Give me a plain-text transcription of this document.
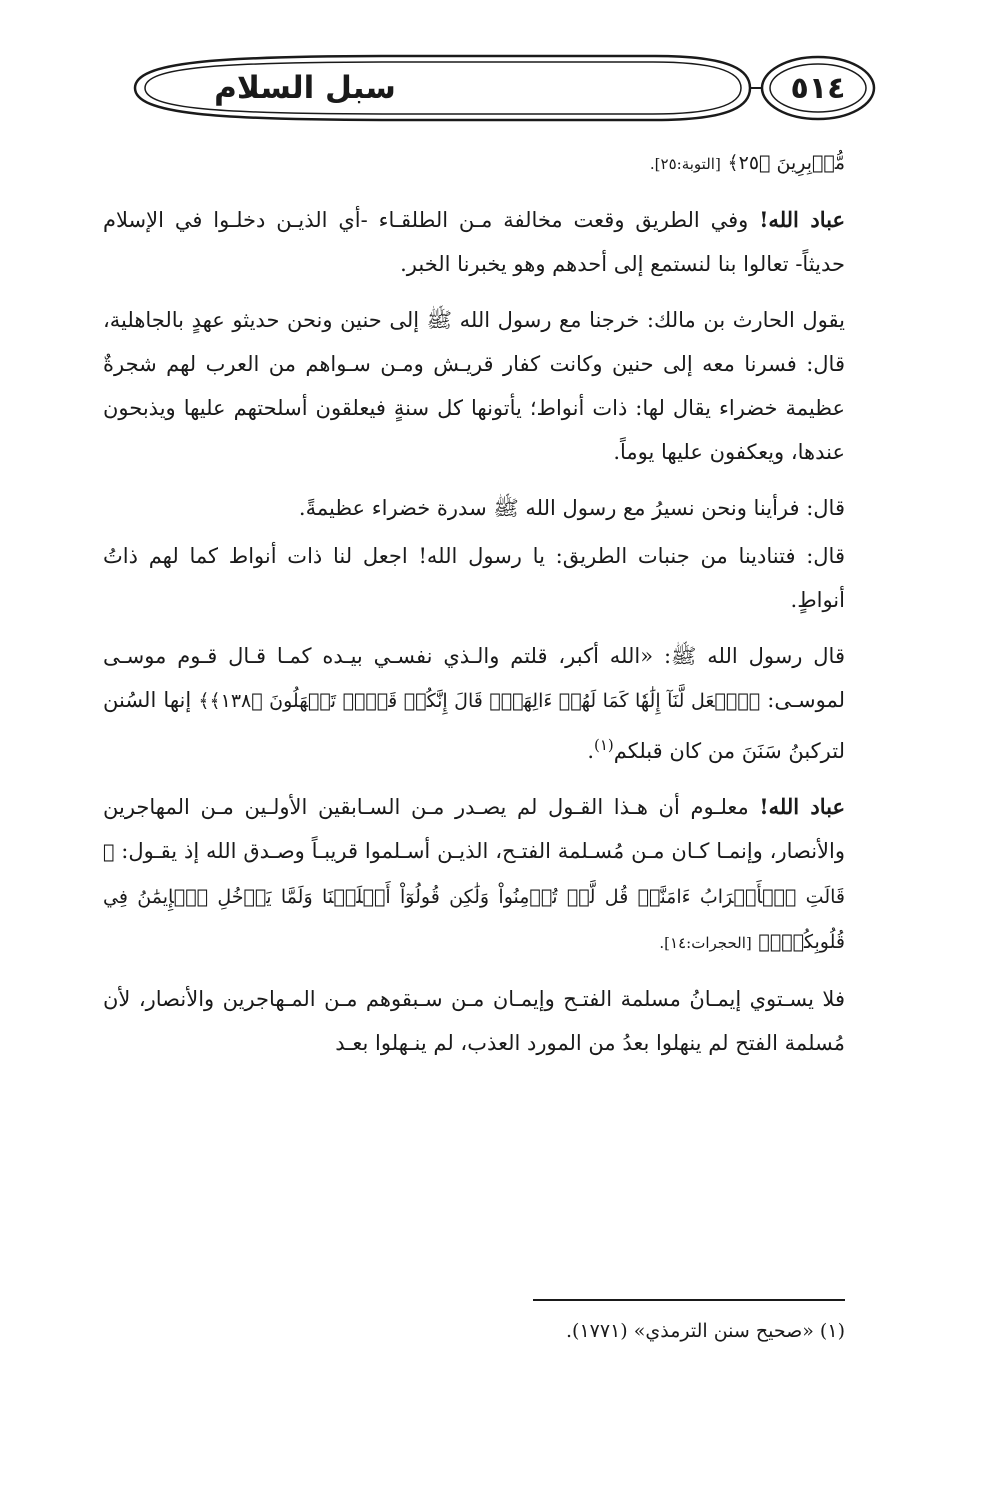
سبل السلام	٥١٤

مُّدۡبِرِينَ ﴿٢٥﴾ [التوبة:٢٥].

عباد الله! وفي الطريق وقعت مخالفة مـن الطلقـاء -أي الذيـن دخلـوا في الإسلام حديثاً- تعالوا بنا لنستمع إلى أحدهم وهو يخبرنا الخبر.

يقول الحارث بن مالك: خرجنا مع رسول الله ﷺ إلى حنين ونحن حديثو عهدٍ بالجاهلية، قال: فسرنا معه إلى حنين وكانت كفار قريـش ومـن سـواهم من العرب لهم شجرةٌ عظيمة خضراء يقال لها: ذات أنواط؛ يأتونها كل سنةٍ فيعلقون أسلحتهم عليها ويذبحون عندها، ويعكفون عليها يوماً.

قال: فرأينا ونحن نسيرُ مع رسول الله ﷺ سدرة خضراء عظيمةً.

قال: فتنادينا من جنبات الطريق: يا رسول الله! اجعل لنا ذات أنواط كما لهم ذاتُ أنواطٍ.

قال رسول الله ﷺ: «الله أكبر، قلتم والـذي نفسـي بيـده كمـا قـال قـوم موسـى لموسـى: ﴿ٱجۡعَل لَّنَآ إِلَٰهٗا كَمَا لَهُمۡ ءَالِهَةٞۚ قَالَ إِنَّكُمۡ قَوۡمٞ تَجۡهَلُونَ ﴿١٣٨﴾﴾ إنها السُنن لتركبنُ سَنَنَ من كان قبلكم$^{(١)}$.

عباد الله! معلـوم أن هـذا القـول لم يصـدر مـن السـابقين الأولـين مـن المهاجرين والأنصار، وإنمـا كـان مـن مُسـلمة الفتـح، الذيـن أسـلموا قريبـاً وصـدق الله إذ يقـول: ﴿ قَالَتِ ٱلۡأَعۡرَابُ ءَامَنَّاۖ قُل لَّمۡ تُؤۡمِنُواْ وَلَٰكِن قُولُوٓاْ أَسۡلَمۡنَا وَلَمَّا يَدۡخُلِ ٱلۡإِيمَٰنُ فِي قُلُوبِكُمۡۖ﴾ [الحجرات:١٤].

فلا يسـتوي إيمـانُ مسلمة الفتـح وإيمـان مـن سـبقوهم مـن المـهاجرين والأنصار، لأن مُسلمة الفتح لم ينهلوا بعدُ من المورد العذب، لم ينـهلوا بعـد

(١) «صحيح سنن الترمذي» (١٧٧١).
